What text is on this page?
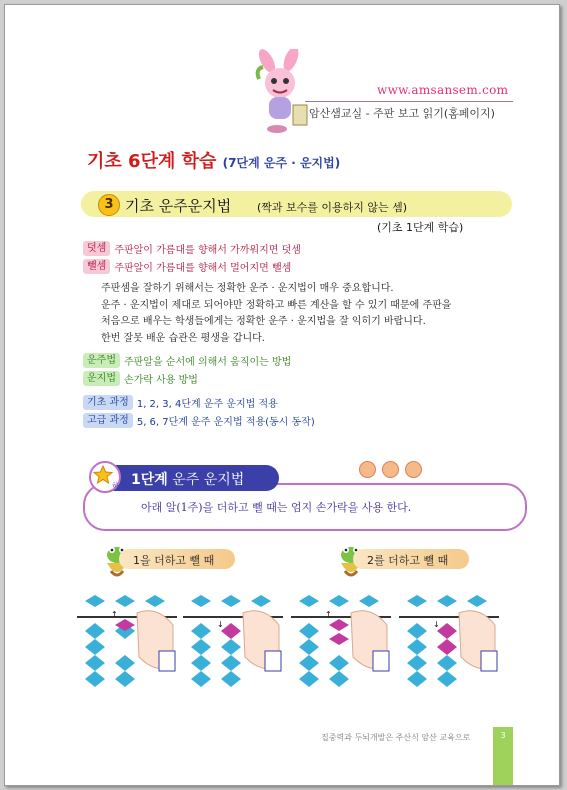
www.amsansem.com
암산샘교실 - 주판 보고 읽기(홈페이지)
기초 6단계 학습 (7단계 운주 · 운지법)
3 기초 운주운지법 (짝과 보수를 이용하지 않는 셈)
(기초 1단계 학습)
덧셈 주판알이 가름대를 향해서 가까워지면 덧셈
뺄셈 주판알이 가름대를 향해서 멀어지면 뺄셈

주판셈을 잘하기 위해서는 정확한 운주 · 운지법이 매우 중요합니다.

운주 · 운지법이 제대로 되어야만 정확하고 빠른 계산을 할 수 있기 때문에 주판을

처음으로 배우는 학생들에게는 정확한 운주 · 운지법을 잘 익히기 바랍니다.

한번 잘못 배운 습관은 평생을 갑니다.

운주법 주판알을 순서에 의해서 움직이는 방법
운지법 손가락 사용 방법
기초 과정 1, 2, 3, 4단계 운주 운지법 적용
고급 과정 5, 6, 7단계 운주 운지법 적용(동시 동작)
하 1단계 운주 운지법
아래 알(1주)을 더하고 뺄 때는 엄지 손가락을 사용 한다.
1을 더하고 뺄 때	2를 더하고 뺄 때
↑
↓
↑
↓
집중력과 두뇌개발은 주산식 암산 교육으로	3
